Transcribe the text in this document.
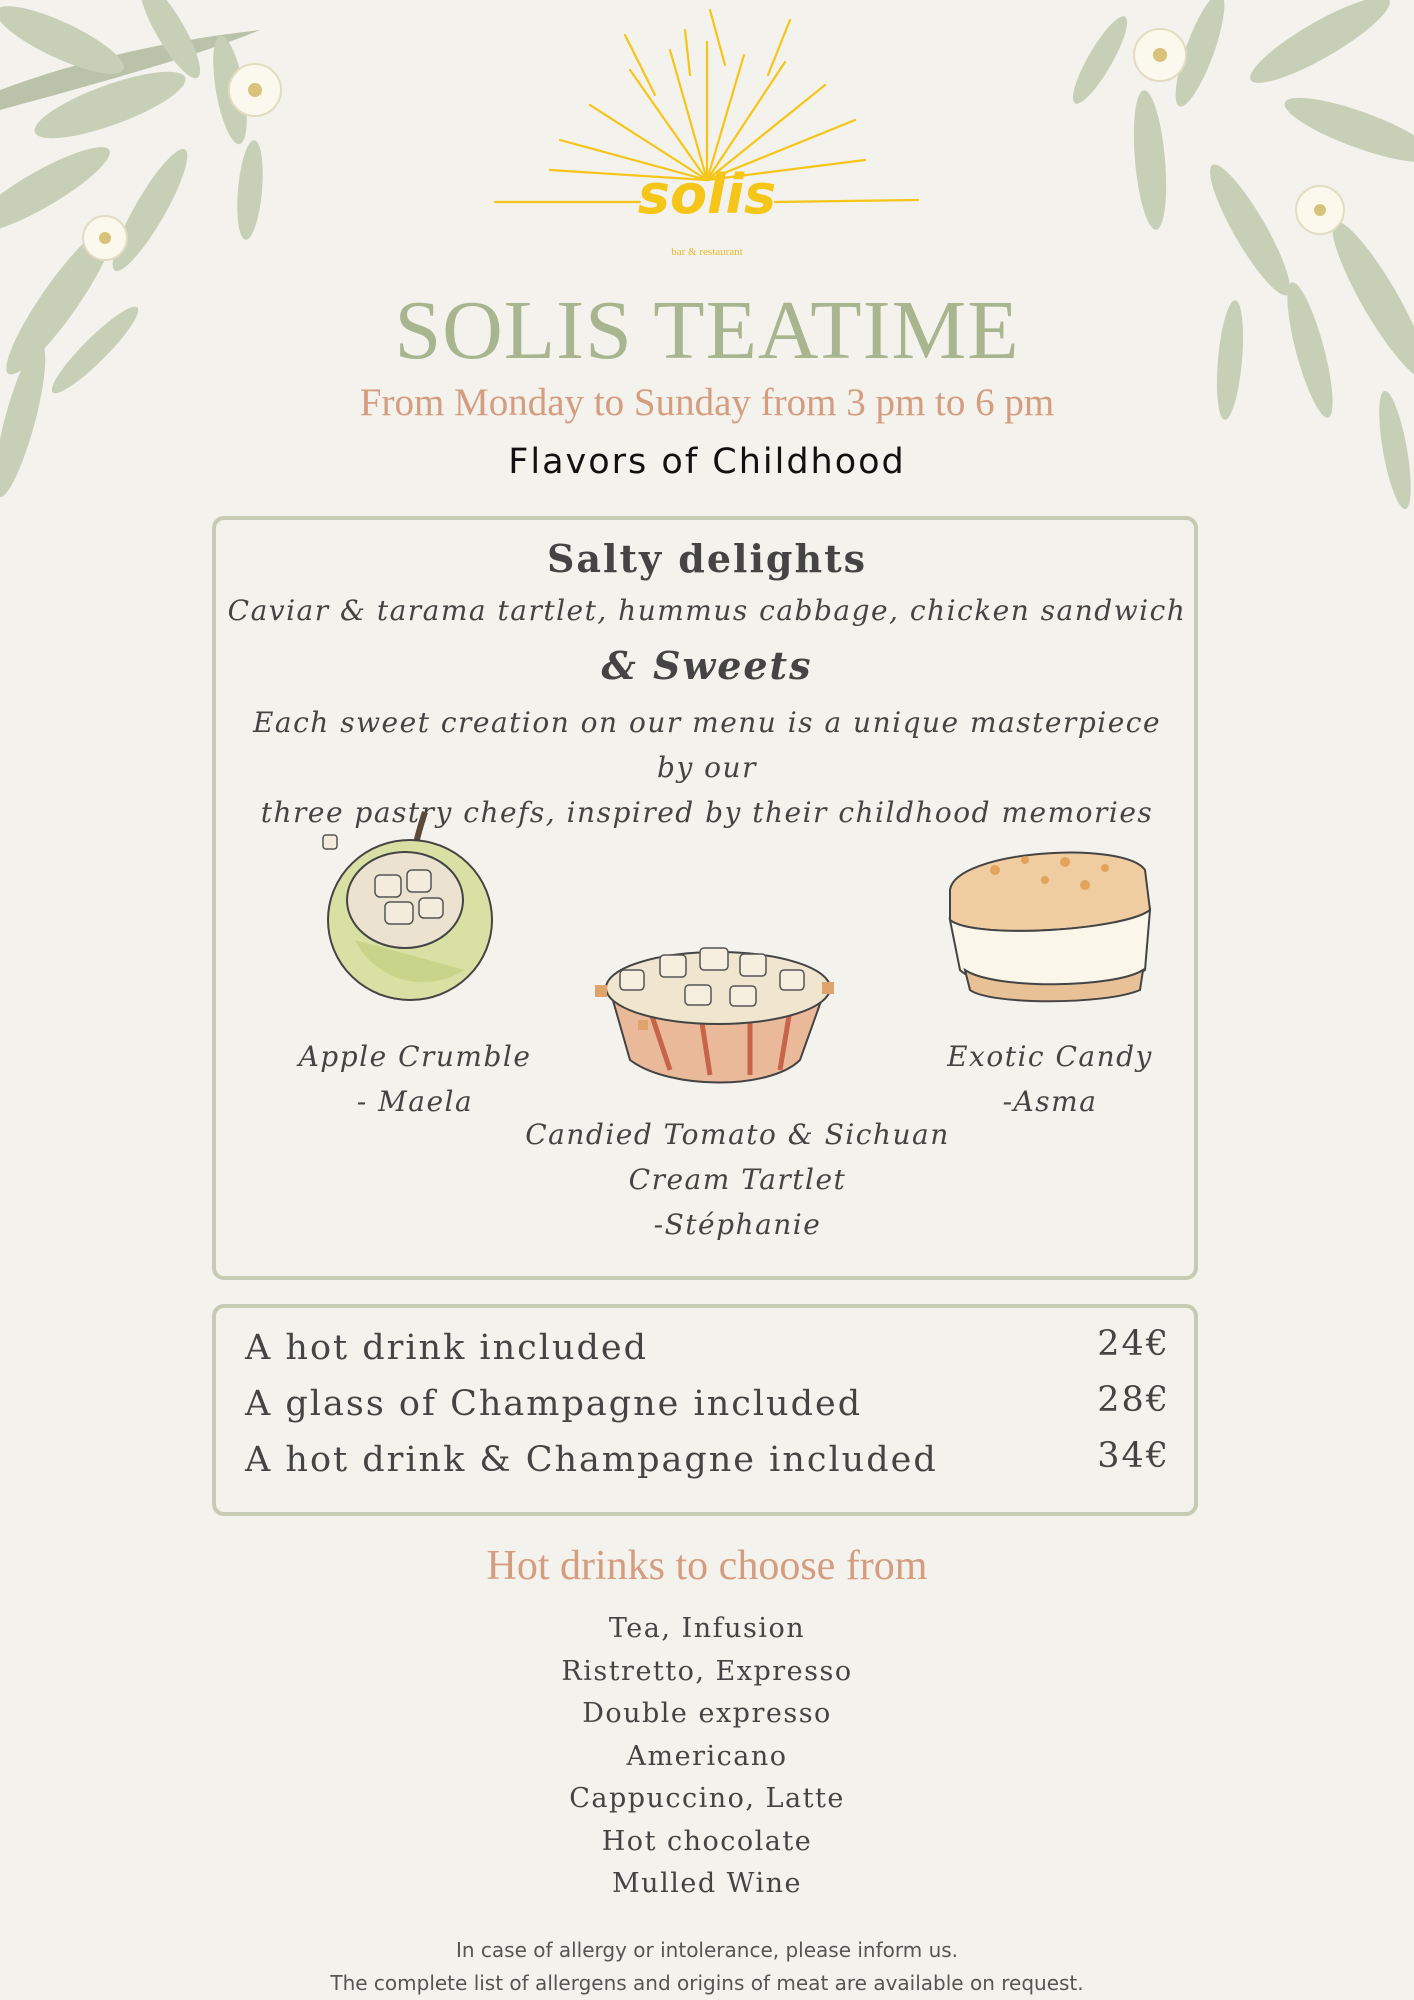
solis
bar & restaurant
SOLIS TEATIME
From Monday to Sunday from 3 pm to 6 pm
Flavors of Childhood
Salty delights
Caviar & tarama tartlet, hummus cabbage, chicken sandwich
& Sweets
Each sweet creation on our menu is a unique masterpiece by our
three pastry chefs, inspired by their childhood memories
Apple Crumble
- Maela
Candied Tomato & Sichuan
Cream Tartlet
-Stéphanie
Exotic Candy
-Asma
A hot drink included	24€
A glass of Champagne included	28€
A hot drink & Champagne included	34€
Hot drinks to choose from
Tea, Infusion
Ristretto, Expresso
Double expresso
Americano
Cappuccino, Latte
Hot chocolate
Mulled Wine
In case of allergy or intolerance, please inform us.
The complete list of allergens and origins of meat are available on request.
